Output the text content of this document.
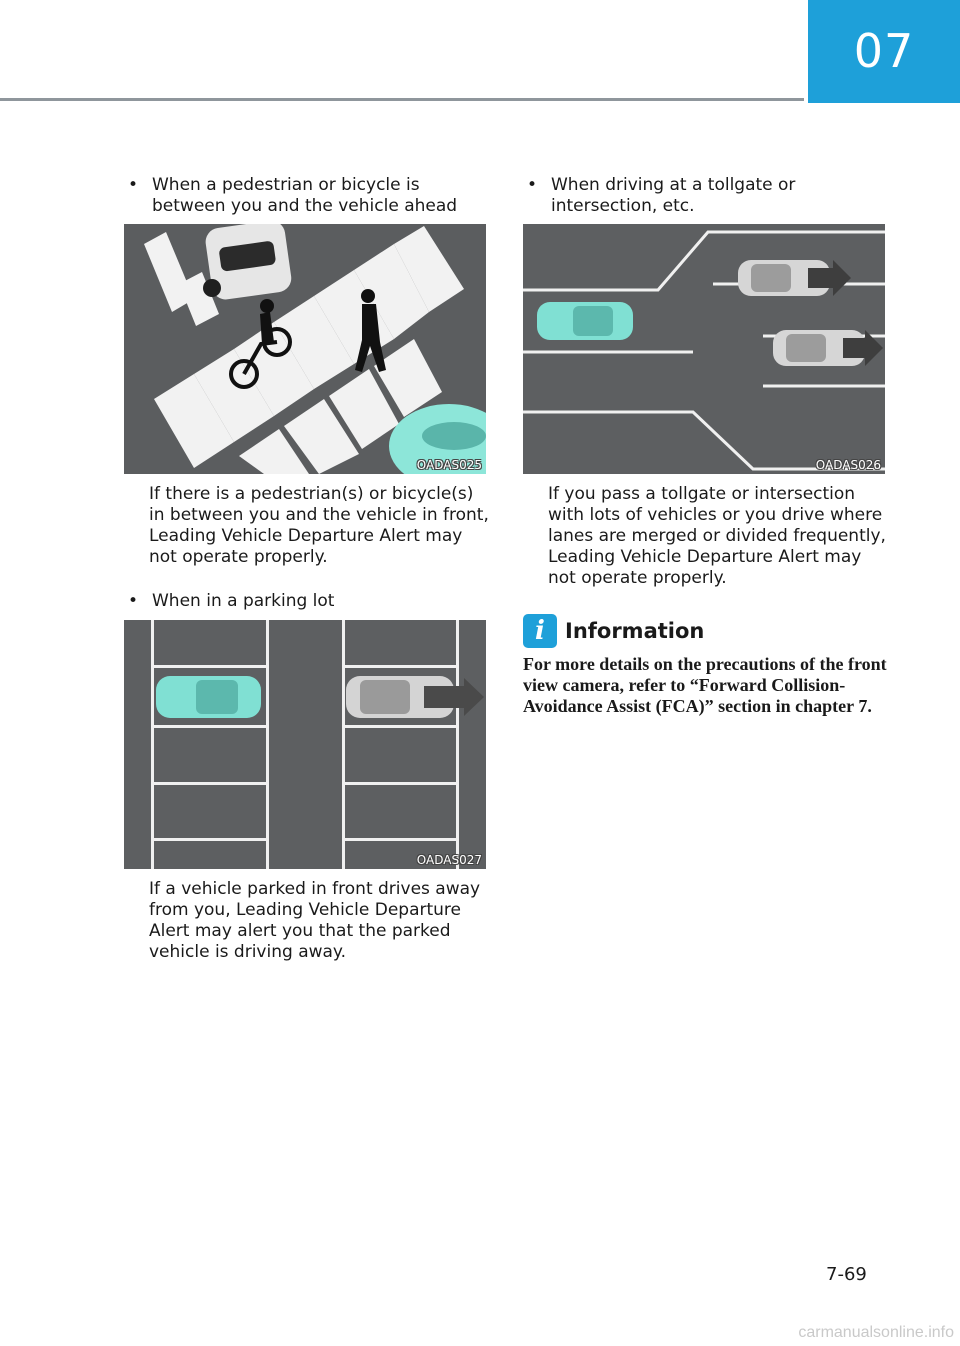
07
• When a pedestrian or bicycle is between you and the vehicle ahead
OADAS025
If there is a pedestrian(s) or bicycle(s) in between you and the vehicle in front, Leading Vehicle Departure Alert may not operate properly.
• When in a parking lot
OADAS027
If a vehicle parked in front drives away from you, Leading Vehicle Departure Alert may alert you that the parked vehicle is driving away.
• When driving at a tollgate or intersection, etc.
OADAS026
If you pass a tollgate or intersection with lots of vehicles or you drive where lanes are merged or divided frequently, Leading Vehicle Departure Alert may not operate properly.
i Information
For more details on the precautions of the front view camera, refer to “Forward Collision-Avoidance Assist (FCA)” section in chapter 7.
7-69
carmanualsonline.info
